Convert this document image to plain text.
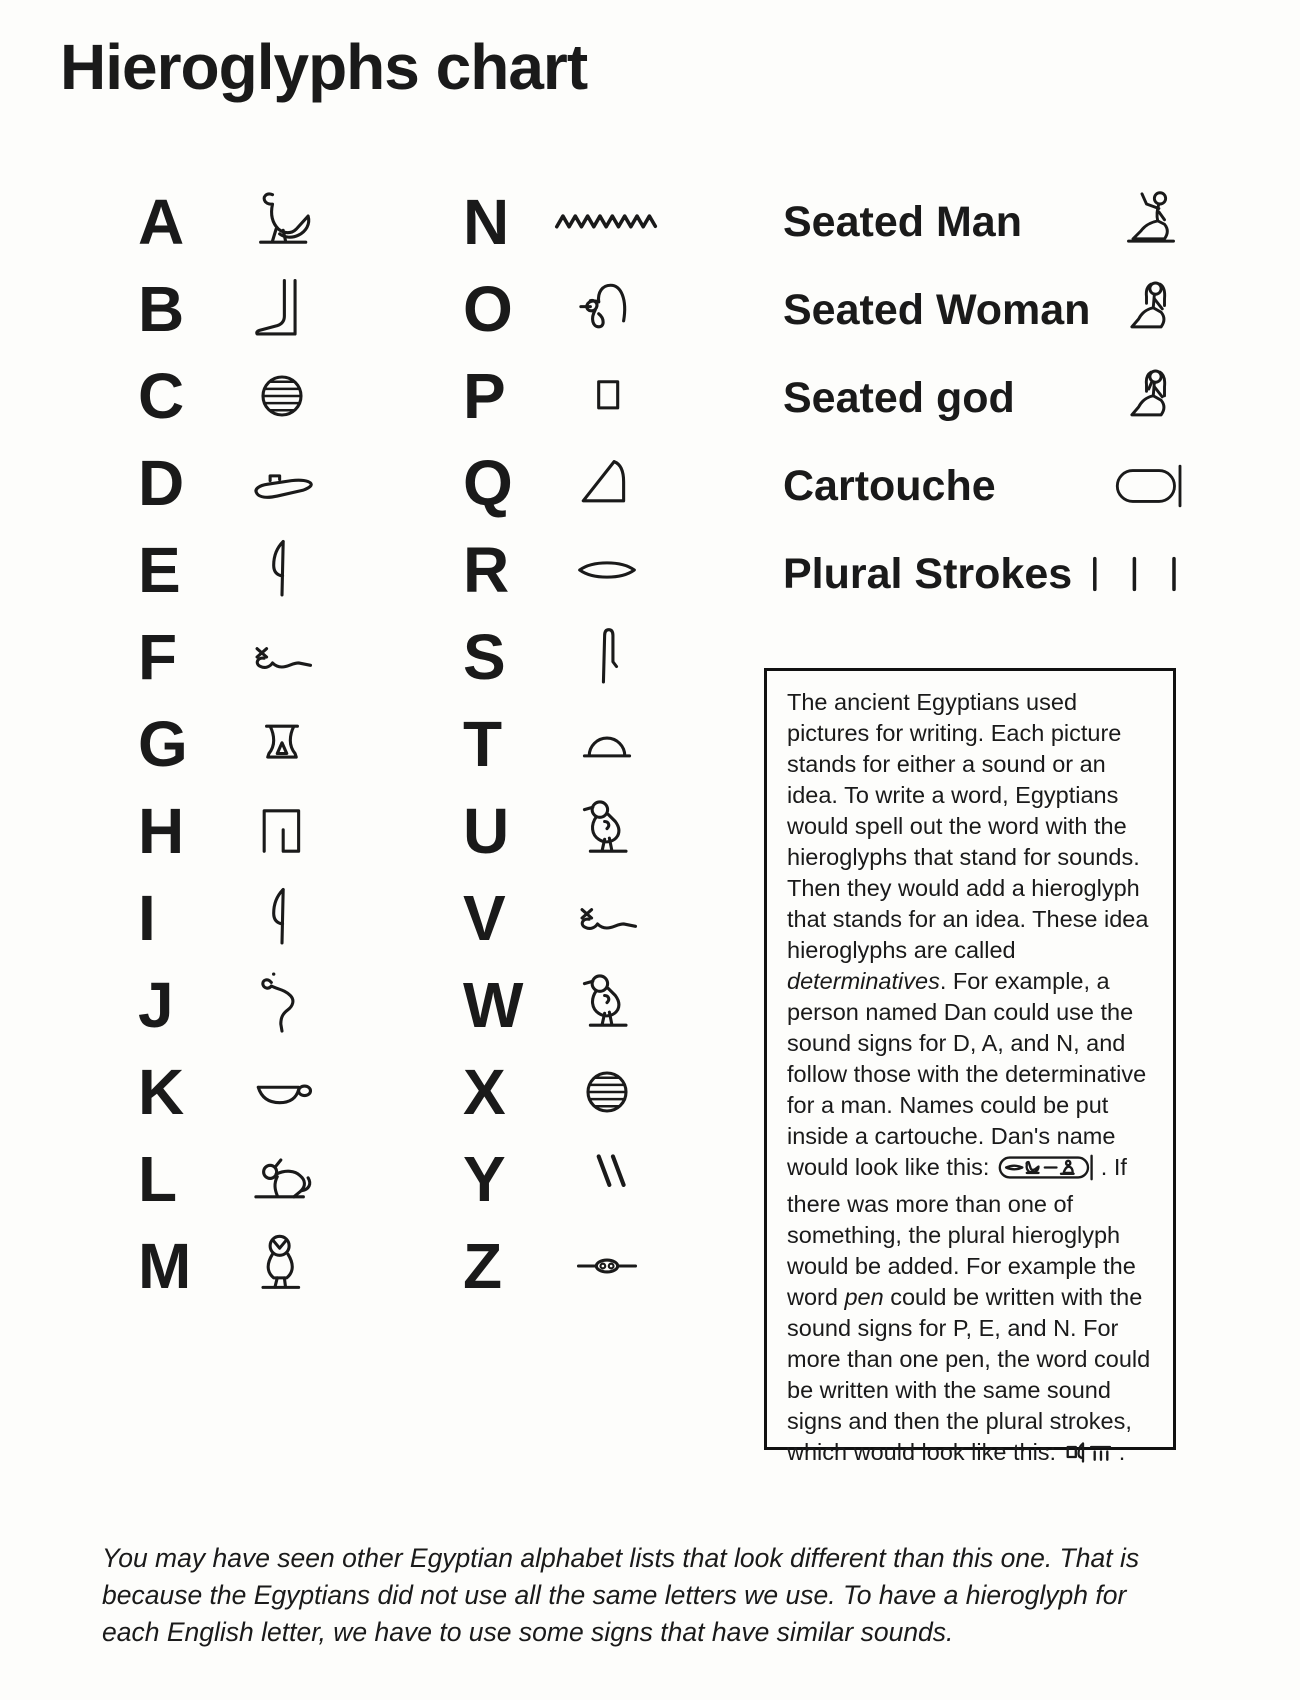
Hieroglyphs chart
A
B
C
D
E
F
G
H
I
J
K
L
M
N
O
P
Q
R
S
T
U
V
W
X
Y
Z
Seated Man
Seated Woman
Seated god
Cartouche
Plural Strokes
The ancient Egyptians used pictures for writing. Each picture stands for either a sound or an idea. To write a word, Egyptians would spell out the word with the hieroglyphs that stand for sounds. Then they would add a hieroglyph that stands for an idea. These idea hieroglyphs are called determinatives. For example, a person named Dan could use the sound signs for D, A, and N, and follow those with the determinative for a man. Names could be put inside a cartouche. Dan's name would look like this:	. If there was more than one of something, the plural hieroglyph would be added. For example the word pen could be written with the sound signs for P, E, and N. For more than one pen, the word could be written with the same sound signs and then the plural strokes, which would look like this: .

You may have seen other Egyptian alphabet lists that look different than this one. That is because the Egyptians did not use all the same letters we use. To have a hieroglyph for each English letter, we have to use some signs that have similar sounds.
